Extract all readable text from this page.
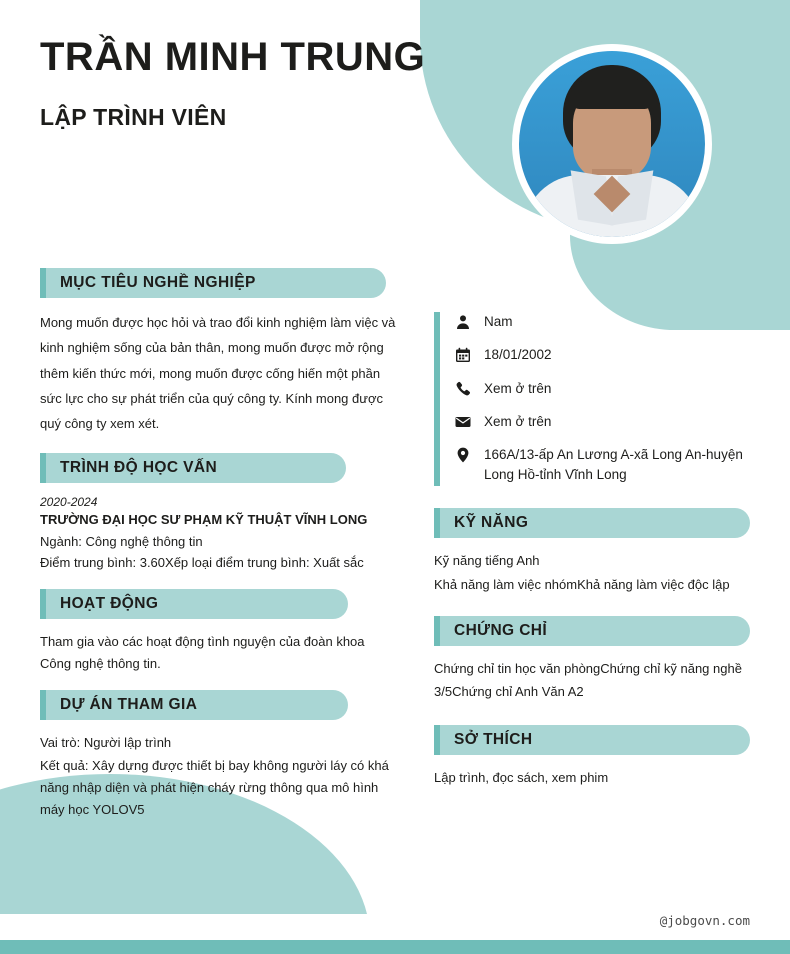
TRẦN MINH TRUNG
LẬP TRÌNH VIÊN
MỤC TIÊU NGHỀ NGHIỆP
Mong muốn được học hỏi và trao đổi kinh nghiệm làm việc và kinh nghiệm sống của bản thân, mong muốn được mở rộng thêm kiến thức mới, mong muốn được cống hiến một phần sức lực cho sự phát triển của quý công ty. Kính mong được quý công ty xem xét.
TRÌNH ĐỘ HỌC VẤN
2020-2024
TRƯỜNG ĐẠI HỌC SƯ PHẠM KỸ THUẬT VĨNH LONG
Ngành: Công nghệ thông tin
Điểm trung bình: 3.60Xếp loại điểm trung bình: Xuất sắc
HOẠT ĐỘNG
Tham gia vào các hoạt động tình nguyện của đoàn khoa Công nghệ thông tin.
DỰ ÁN THAM GIA
Vai trò: Người lập trình
Kết quả: Xây dựng được thiết bị bay không người láy có khá năng nhập diện và phát hiện cháy rừng thông qua mô hình máy học YOLOV5
Nam
18/01/2002
Xem ở trên
Xem ở trên
166A/13-ấp An Lương A-xã Long An-huyện Long Hồ-tỉnh Vĩnh Long
KỸ NĂNG
Kỹ năng tiếng Anh
Khả năng làm việc nhómKhả năng làm việc độc lập
CHỨNG CHỈ
Chứng chỉ tin học văn phòngChứng chỉ kỹ năng nghề 3/5Chứng chỉ Anh Văn A2
SỞ THÍCH
Lập trình, đọc sách, xem phim
@jobgovn.com
